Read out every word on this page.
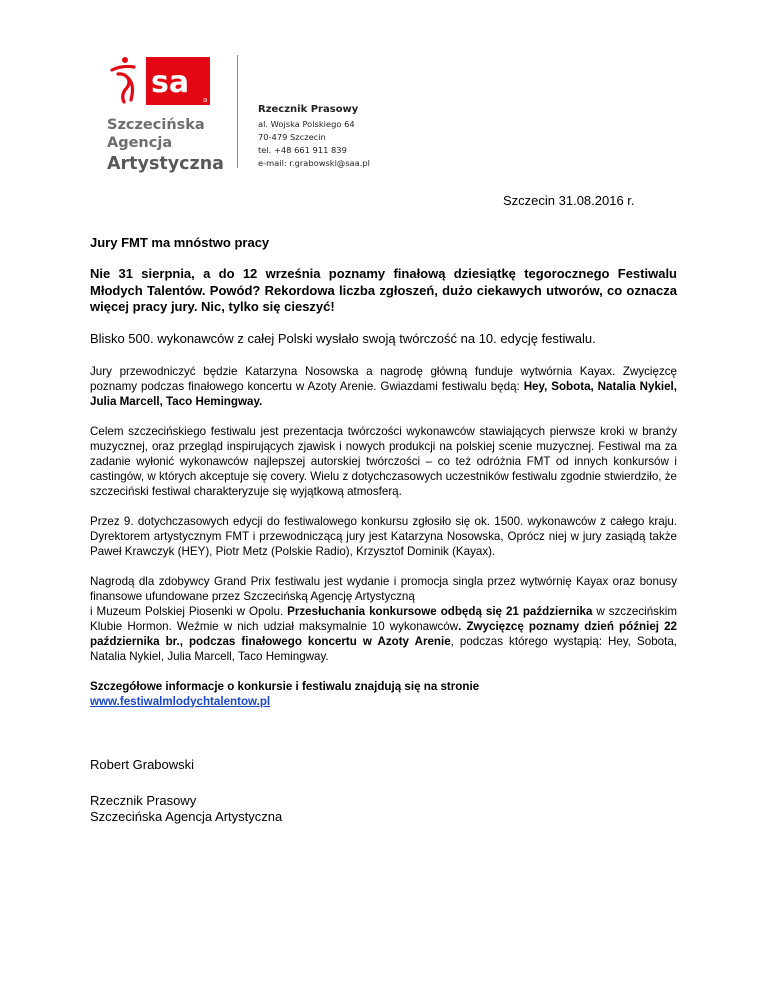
sa a
Szczecińska
Agencja
Artystyczna
Rzecznik Prasowy
al. Wojska Polskiego 64
70-479 Szczecin
tel. +48 661 911 839
e-mail: r.grabowski@saa.pl
Szczecin 31.08.2016 r.
Jury FMT ma mnóstwo pracy

Nie 31 sierpnia, a do 12 września poznamy finałową dziesiątkę tegorocznego Festiwalu Młodych Talentów. Powód? Rekordowa liczba zgłoszeń, dużo ciekawych utworów, co oznacza więcej pracy jury. Nic, tylko się cieszyć!

Blisko 500. wykonawców z całej Polski wysłało swoją twórczość na 10. edycję festiwalu.

Jury przewodniczyć będzie Katarzyna Nosowska a nagrodę główną funduje wytwórnia Kayax. Zwycięzcę poznamy podczas finałowego koncertu w Azoty Arenie. Gwiazdami festiwalu będą: Hey, Sobota, Natalia Nykiel, Julia Marcell, Taco Hemingway.

Celem szczecińskiego festiwalu jest prezentacja twórczości wykonawców stawiających pierwsze kroki w branży muzycznej, oraz przegląd inspirujących zjawisk i nowych produkcji na polskiej scenie muzycznej. Festiwal ma za zadanie wyłonić wykonawców najlepszej autorskiej twórczości – co też odróżnia FMT od innych konkursów i castingów, w których akceptuje się covery. Wielu z dotychczasowych uczestników festiwalu zgodnie stwierdziło, że szczeciński festiwal charakteryzuje się wyjątkową atmosferą.

Przez 9. dotychczasowych edycji do festiwalowego konkursu zgłosiło się ok. 1500. wykonawców z całego kraju. Dyrektorem artystycznym FMT i przewodniczącą jury jest Katarzyna Nosowska, Oprócz niej w jury zasiądą także Paweł Krawczyk (HEY), Piotr Metz (Polskie Radio), Krzysztof Dominik (Kayax).

Nagrodą dla zdobywcy Grand Prix festiwalu jest wydanie i promocja singla przez wytwórnię Kayax oraz bonusy finansowe ufundowane przez Szczecińską Agencję Artystyczną
i Muzeum Polskiej Piosenki w Opolu. Przesłuchania konkursowe odbędą się 21 października w szczecińskim Klubie Hormon. Weźmie w nich udział maksymalnie 10 wykonawców. Zwycięzcę poznamy dzień później 22 października br., podczas finałowego koncertu w Azoty Arenie, podczas którego wystąpią: Hey, Sobota, Natalia Nykiel, Julia Marcell, Taco Hemingway.

Szczegółowe informacje o konkursie i festiwalu znajdują się na stronie
www.festiwalmlodychtalentow.pl

Robert Grabowski

Rzecznik Prasowy
Szczecińska Agencja Artystyczna
